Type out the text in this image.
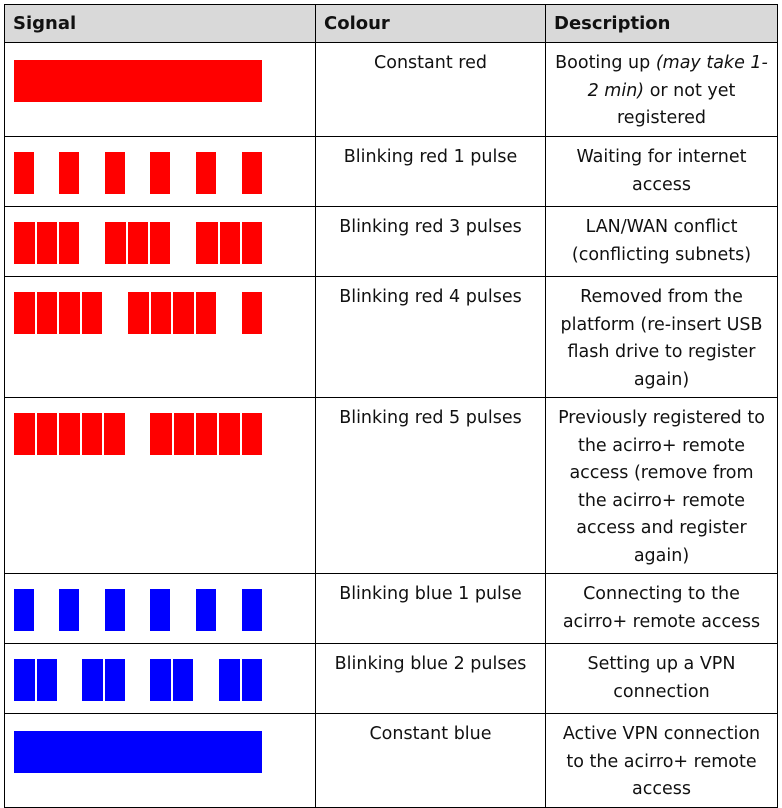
Signal	Colour	Description

	Constant red	Booting up (may take 1-2 min) or not yet registered

	Blinking red 1 pulse	Waiting for internet access

	Blinking red 3 pulses	LAN/WAN conflict (conflicting subnets)

	Blinking red 4 pulses	Removed from the platform (re-insert USB flash drive to register again)

	Blinking red 5 pulses	Previously registered to the acirro+ remote access (remove from the acirro+ remote access and register again)

	Blinking blue 1 pulse	Connecting to the acirro+ remote access

	Blinking blue 2 pulses	Setting up a VPN connection

	Constant blue	Active VPN connection to the acirro+ remote access
